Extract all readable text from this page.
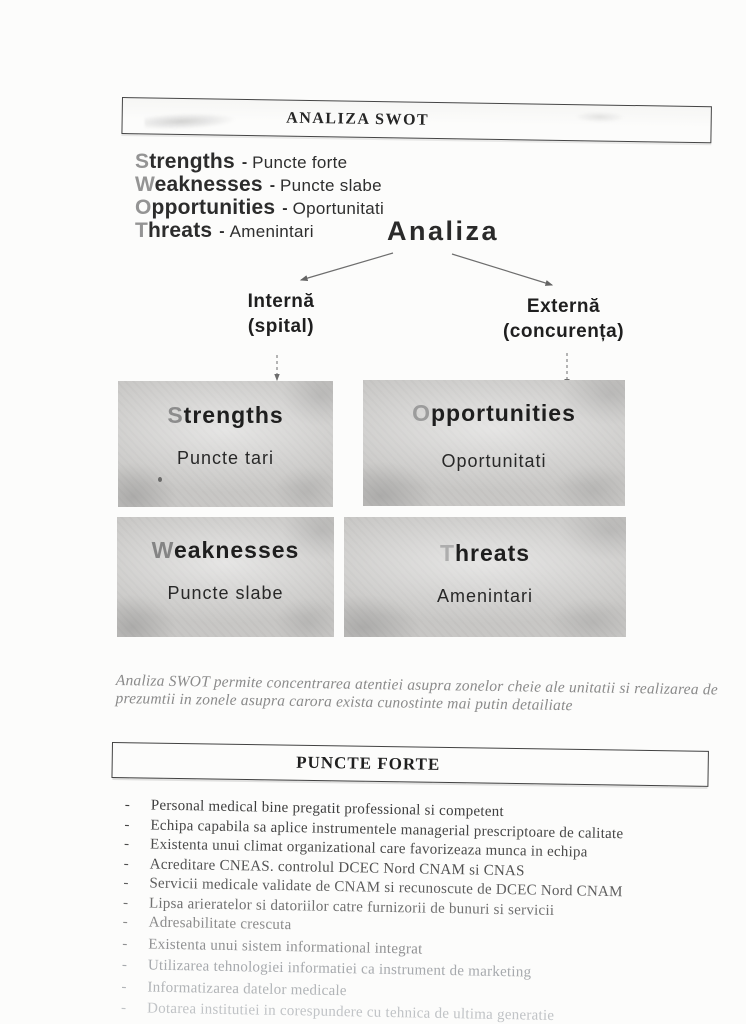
ANALIZA SWOT
Strengths - Puncte forte
Weaknesses - Puncte slabe
Opportunities - Oportunitati
Threats - Amenintari	Analiza
Internă
(spital)
Externă
(concurența)
Strengths
Puncte tari
Opportunities
Oportunitati
Weaknesses
Puncte slabe
Threats
Amenintari

Analiza SWOT permite concentrarea atentiei asupra zonelor cheie ale unitatii si realizarea de prezumtii in zonele asupra carora exista cunostinte mai putin detailiate

PUNCTE FORTE
-	Personal medical bine pregatit professional si competent
-	Echipa capabila sa aplice instrumentele managerial prescriptoare de calitate
-	Existenta unui climat organizational care favorizeaza munca in echipa
-	Acreditare CNEAS. controlul DCEC Nord CNAM si CNAS
-	Servicii medicale validate de CNAM si recunoscute de DCEC Nord CNAM
-	Lipsa arieratelor si datoriilor catre furnizorii de bunuri si servicii
-	Adresabilitate crescuta
-	Existenta unui sistem informational integrat
-	Utilizarea tehnologiei informatiei ca instrument de marketing
-	Informatizarea datelor medicale
-	Dotarea institutiei in corespundere cu tehnica de ultima generatie
